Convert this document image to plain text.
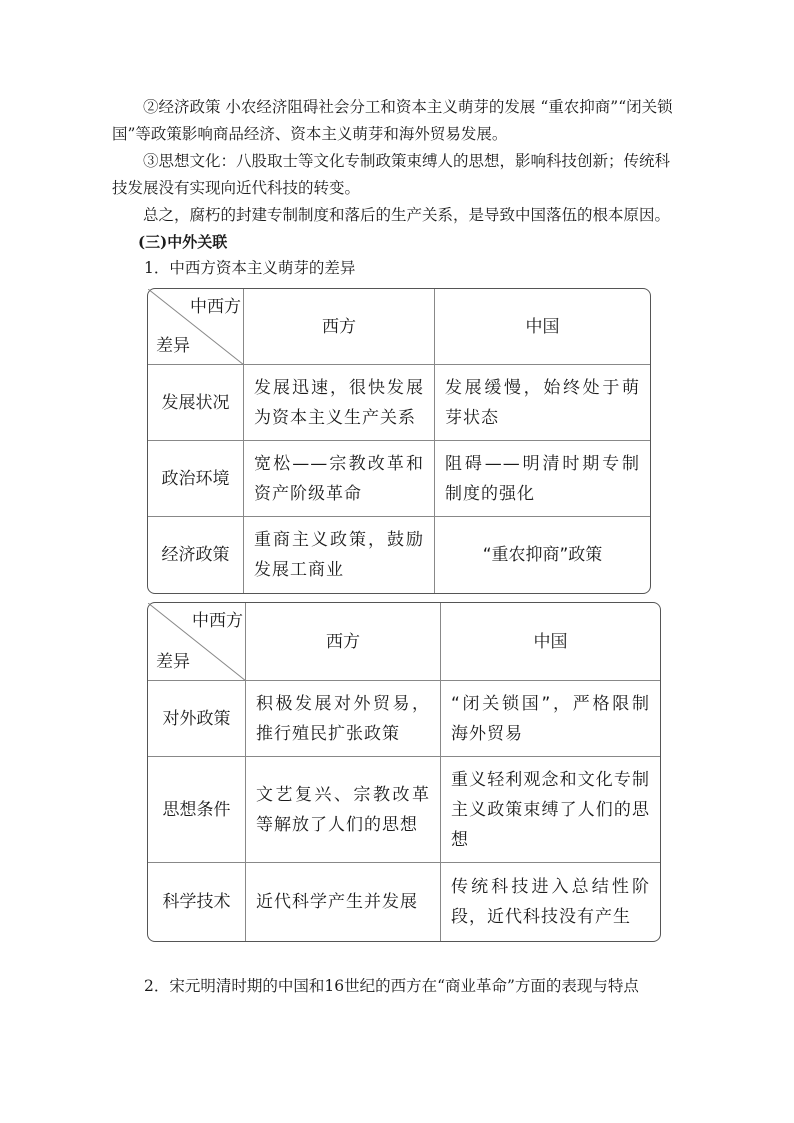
②经济政策 小农经济阻碍社会分工和资本主义萌芽的发展 “重农抑商”“闭关锁国”等政策影响商品经济、资本主义萌芽和海外贸易发展。

③思想文化：八股取士等文化专制政策束缚人的思想，影响科技创新；传统科技发展没有实现向近代科技的转变。

总之，腐朽的封建专制制度和落后的生产关系，是导致中国落伍的根本原因。

(三)中外关联

1．中西方资本主义萌芽的差异

中西方
差异	西方	中国
发展状况	发展迅速，很快发展为资本主义生产关系	发展缓慢，始终处于萌芽状态
政治环境	宽松——宗教改革和资产阶级革命	阻碍——明清时期专制制度的强化
经济政策	重商主义政策，鼓励发展工商业	“重农抑商”政策
中西方
差异	西方	中国
对外政策	积极发展对外贸易，推行殖民扩张政策	“闭关锁国”，严格限制海外贸易
思想条件	文艺复兴、宗教改革等解放了人们的思想	重义轻利观念和文化专制主义政策束缚了人们的思想
科学技术	近代科学产生并发展	传统科技进入总结性阶段，近代科技没有产生

2．宋元明清时期的中国和16世纪的西方在“商业革命”方面的表现与特点
